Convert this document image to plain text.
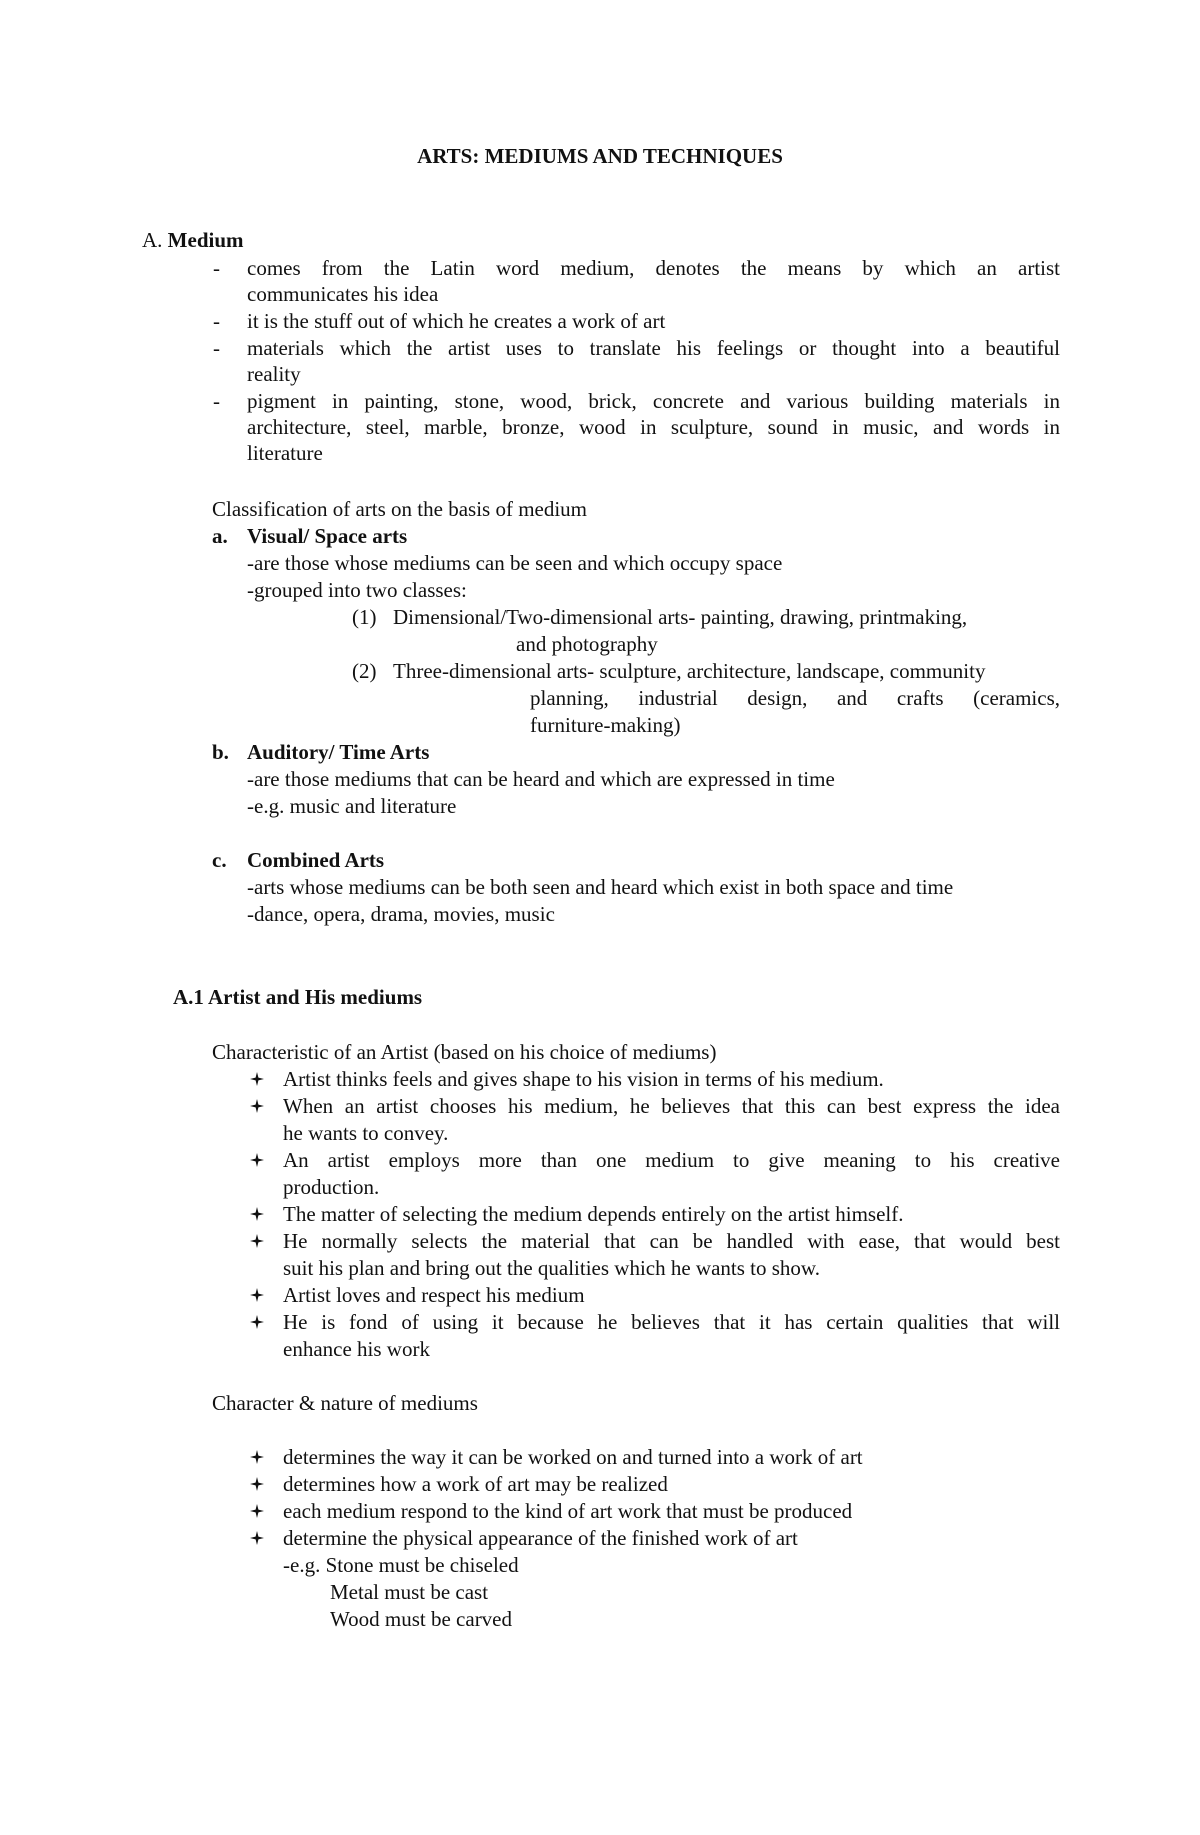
ARTS: MEDIUMS AND TECHNIQUES
A. Medium
- comes from the Latin word medium, denotes the means by which an artist
communicates his idea
- it is the stuff out of which he creates a work of art
- materials which the artist uses to translate his feelings or thought into a beautiful
reality
- pigment in painting, stone, wood, brick, concrete and various building materials in
architecture, steel, marble, bronze, wood in sculpture, sound in music, and words in
literature
Classification of arts on the basis of medium
a. Visual/ Space arts
-are those whose mediums can be seen and which occupy space
-grouped into two classes:
(1) Dimensional/Two-dimensional arts- painting, drawing, printmaking,
and photography
(2) Three-dimensional arts- sculpture, architecture, landscape, community
planning, industrial design, and crafts (ceramics,
furniture-making)
b. Auditory/ Time Arts
-are those mediums that can be heard and which are expressed in time
-e.g. music and literature
c. Combined Arts
-arts whose mediums can be both seen and heard which exist in both space and time
-dance, opera, drama, movies, music
A.1 Artist and His mediums
Characteristic of an Artist (based on his choice of mediums)
Artist thinks feels and gives shape to his vision in terms of his medium.
When an artist chooses his medium, he believes that this can best express the idea
he wants to convey.
An artist employs more than one medium to give meaning to his creative
production.
The matter of selecting the medium depends entirely on the artist himself.
He normally selects the material that can be handled with ease, that would best
suit his plan and bring out the qualities which he wants to show.
Artist loves and respect his medium
He is fond of using it because he believes that it has certain qualities that will
enhance his work
Character & nature of mediums
determines the way it can be worked on and turned into a work of art
determines how a work of art may be realized
each medium respond to the kind of art work that must be produced
determine the physical appearance of the finished work of art
-e.g. Stone must be chiseled
Metal must be cast
Wood must be carved
